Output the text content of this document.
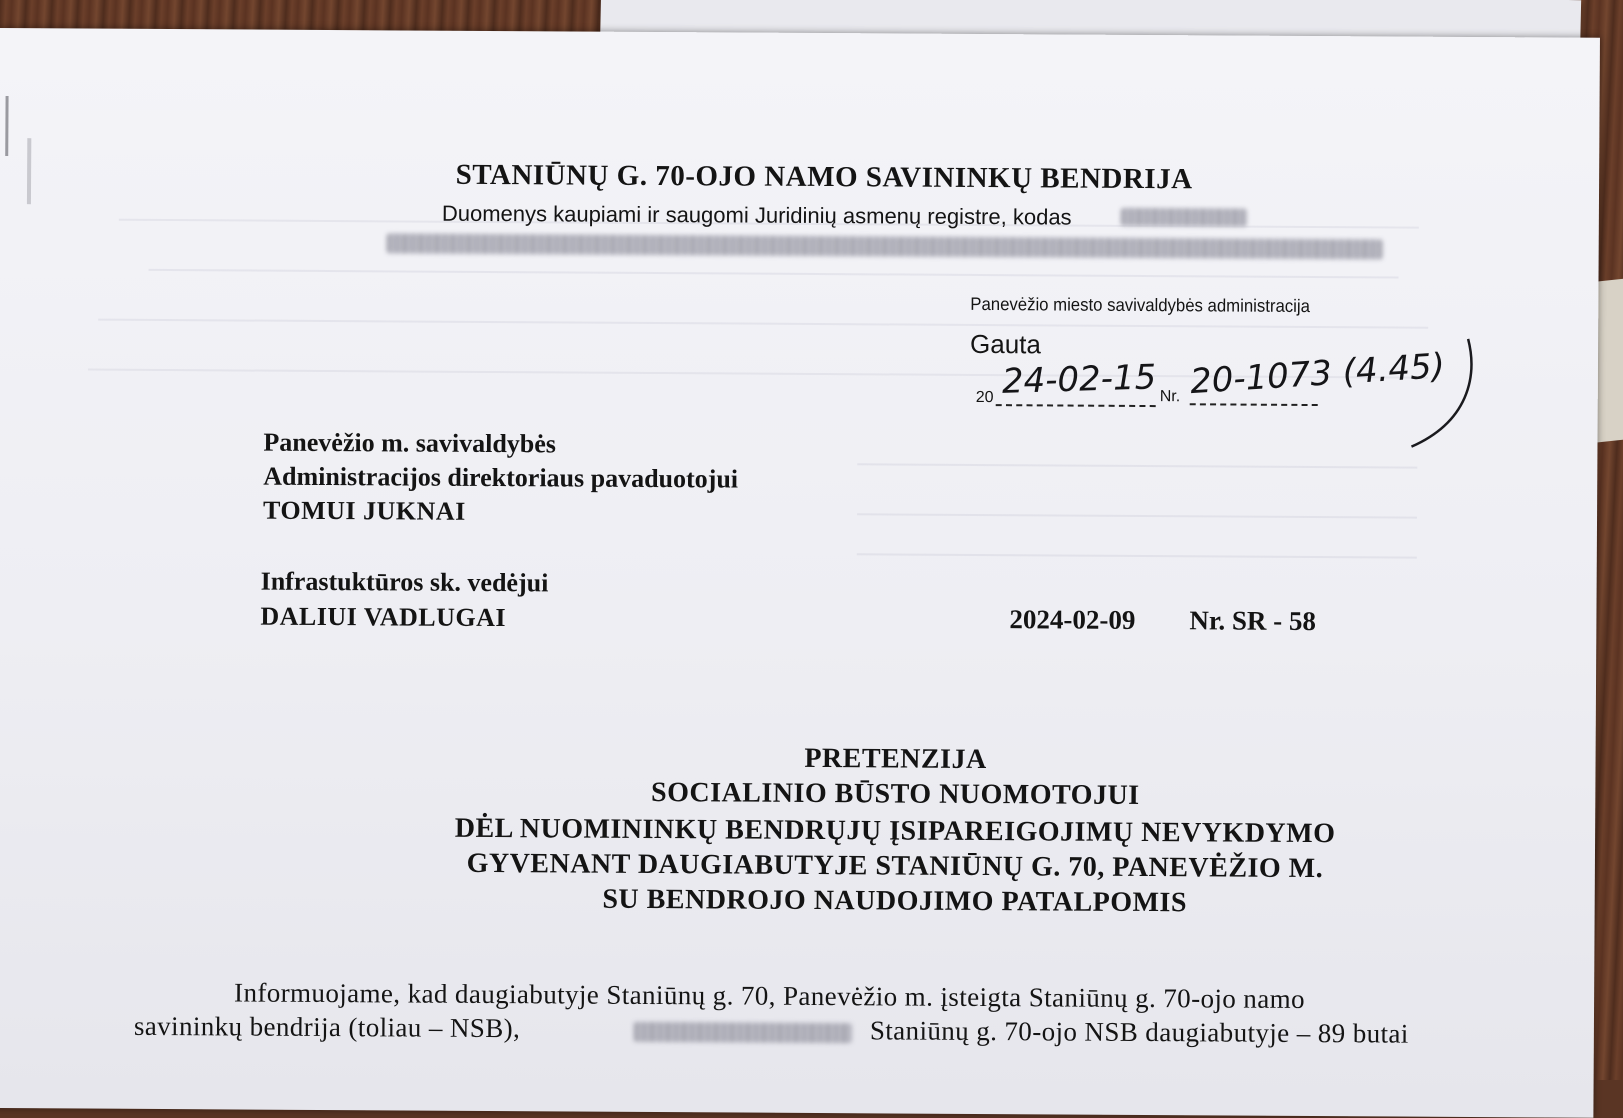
STANIŪNŲ G. 70-OJO NAMO SAVININKŲ BENDRIJA
Duomenys kaupiami ir saugomi Juridinių asmenų registre, kodas
Panevėžio miesto savivaldybės administracija
Gauta
20	Nr.
24-02-15 20-1073 (4.45)
Panevėžio m. savivaldybės
Administracijos direktoriaus pavaduotojui
TOMUI JUKNAI
Infrastuktūros sk. vedėjui
DALIUI VADLUGAI	2024-02-09 Nr. SR - 58
PRETENZIJA
SOCIALINIO BŪSTO NUOMOTOJUI
DĖL NUOMININKŲ BENDRŲJŲ ĮSIPAREIGOJIMŲ NEVYKDYMO
GYVENANT DAUGIABUTYJE STANIŪNŲ G. 70, PANEVĖŽIO M.
SU BENDROJO NAUDOJIMO PATALPOMIS
Informuojame, kad daugiabutyje Staniūnų g. 70, Panevėžio m. įsteigta Staniūnų g. 70-ojo namo
savininkų bendrija (toliau – NSB),	Staniūnų g. 70-ojo NSB daugiabutyje – 89 butai
